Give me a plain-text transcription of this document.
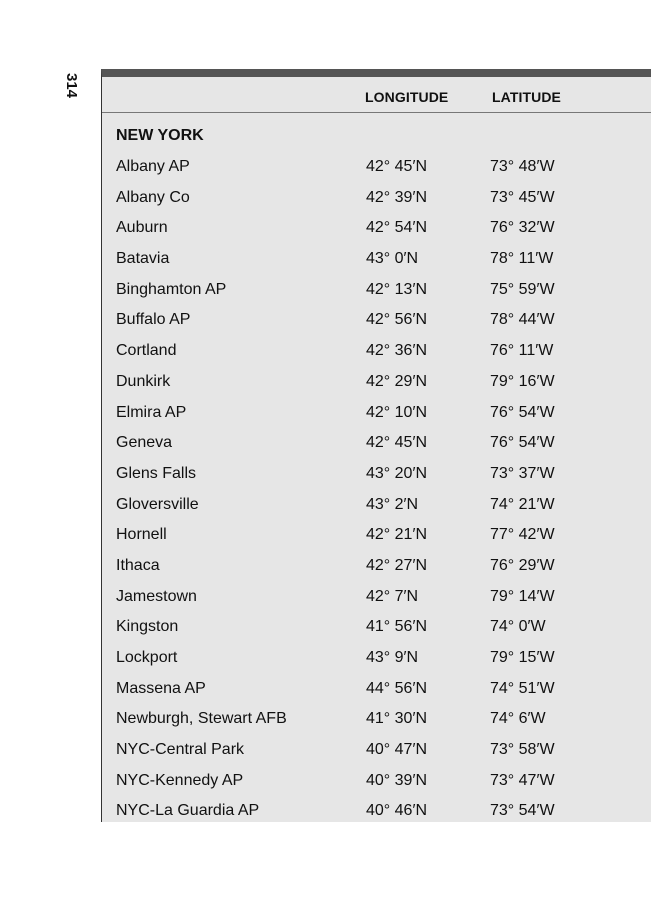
314	LONGITUDE	LATITUDE
NEW YORK
Albany AP	42° 45′N	73° 48′W
Albany Co	42° 39′N	73° 45′W
Auburn	42° 54′N	76° 32′W
Batavia	43° 0′N	78° 11′W
Binghamton AP	42° 13′N	75° 59′W
Buffalo AP	42° 56′N	78° 44′W
Cortland	42° 36′N	76° 11′W
Dunkirk	42° 29′N	79° 16′W
Elmira AP	42° 10′N	76° 54′W
Geneva	42° 45′N	76° 54′W
Glens Falls	43° 20′N	73° 37′W
Gloversville	43° 2′N	74° 21′W
Hornell	42° 21′N	77° 42′W
Ithaca	42° 27′N	76° 29′W
Jamestown	42° 7′N	79° 14′W
Kingston	41° 56′N	74° 0′W
Lockport	43° 9′N	79° 15′W
Massena AP	44° 56′N	74° 51′W
Newburgh, Stewart AFB	41° 30′N	74° 6′W
NYC-Central Park	40° 47′N	73° 58′W
NYC-Kennedy AP	40° 39′N	73° 47′W
NYC-La Guardia AP	40° 46′N	73° 54′W
